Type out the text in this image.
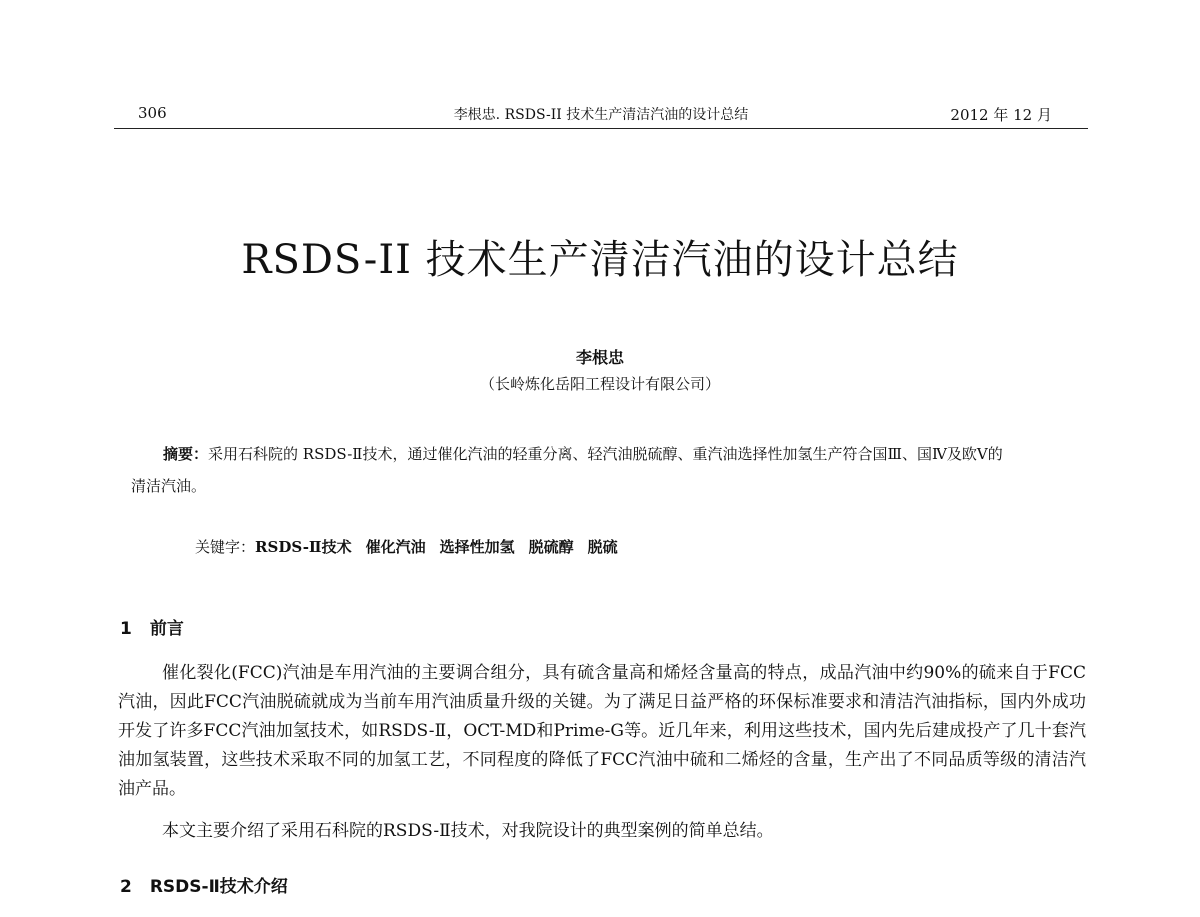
306	李根忠. RSDS-II 技术生产清洁汽油的设计总结	2012 年 12 月
RSDS-II 技术生产清洁汽油的设计总结
李根忠
（长岭炼化岳阳工程设计有限公司）
摘要：采用石科院的 RSDS-Ⅱ技术，通过催化汽油的轻重分离、轻汽油脱硫醇、重汽油选择性加氢生产符合国Ⅲ、国Ⅳ及欧Ⅴ的清洁汽油。
关键字：RSDS-Ⅱ技术 催化汽油 选择性加氢 脱硫醇 脱硫
1 前言
催化裂化(FCC)汽油是车用汽油的主要调合组分，具有硫含量高和烯烃含量高的特点，成品汽油中约90%的硫来自于FCC汽油，因此FCC汽油脱硫就成为当前车用汽油质量升级的关键。为了满足日益严格的环保标准要求和清洁汽油指标，国内外成功开发了许多FCC汽油加氢技术，如RSDS-Ⅱ，OCT-MD和Prime-G等。近几年来，利用这些技术，国内先后建成投产了几十套汽油加氢装置，这些技术采取不同的加氢工艺，不同程度的降低了FCC汽油中硫和二烯烃的含量，生产出了不同品质等级的清洁汽油产品。
本文主要介绍了采用石科院的RSDS-Ⅱ技术，对我院设计的典型案例的简单总结。
2 RSDS-Ⅱ技术介绍
